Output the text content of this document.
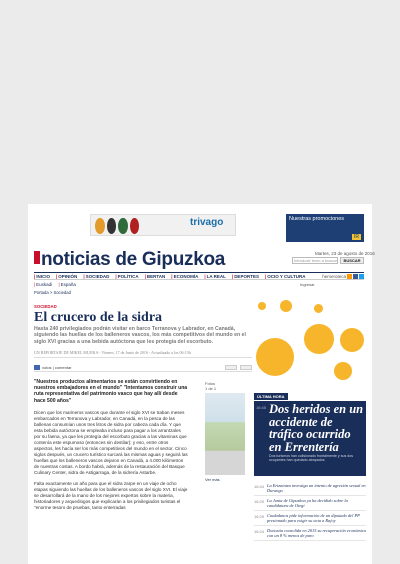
trivago	Nuestras promociones
IR
noticias de Gipuzkoa	Martes, 23 de agosto de 2016
Introduzir texto a buscar	BUSCAR
| INICIO	| OPINIÓN	| SOCIEDAD	| POLÍTICA	| BERTAN	| ECONOMÍA	| LA REAL	| DEPORTES	| OCIO Y CULTURA	hemeroteca
| Euskadi | España	Ingresar
Portada > Sociedad
SOCIEDAD
El crucero de la sidra
Hasta 240 privilegiados podrán visitar en barco Terranova y Labrador, en Canadá, siguiendo las huellas de los balleneros vascos, los más competitivos del mundo en el siglo XVI gracias a una bebida autóctona que les protegía del escorbuto.
UN REPORTAJE DE MIKEL MUJIKA - Viernes, 17 de Junio de 2016 - Actualizado a las 06:13h
votos | comentar
"Nuestros productos alimentarios se están convirtiendo en nuestros embajadores en el mundo" "Intentamos construir una ruta representativa del patrimonio vasco que hay allí desde hace 500 años"

Dicen que los marineros vascos que durante el siglo XVI se traban meses embarcados en Terranova y Labrador, en Canadá, en la pesca de las ballenas consumían unos tres litros de sidra por cabeza cada día. Y que esta bebida autóctona se empleaba incluso para pagar a los arrantzales por su faena, ya que les protegía del escorbuto gracias a las vitaminas que contenía este espumoso (entonces sin destilar); y eso, entre otros aspectos, les hacía ser los más competitivos del mundo en el sector. Cinco siglos después, un crucero turístico surcará las mismas aguas y seguirá las huellas que los balleneros vascos dejaron en Canadá, a 4.000 kilómetros de nuestras costas. A bordo habrá, además de la restauración del Basque Culinary Center, sidra de Astigarraga, de la sidrería Astarbe.

Falta exactamente un año para que el sidra zarpe en un viaje de ocho etapas siguiendo las huellas de los balleneros vascos del siglo XVI. El viaje se desarrollará de la mano de los mejores expertos sobre la materia, historiadores y arqueólogos que explicarán a los privilegiados turistas el "enorme tesoro de pruebas, tanto enterradas

Fotos
1 de 1
Ver más
ÚLTIMA HORA
16:45 Dos heridos en un accidente de tráfico ocurrido en Errentería
Dos turismos han colisionado frontalmente y sus dos ocupantes han quedado atrapados
16:44 La Ertzaintza investiga un intento de agresión sexual en Durango
16:29 La Junta de Gipuzkoa ya ha decidido sobre la candidatura de Otegi
16:29 Ciudadanos pide información de un diputado del PP presionado para exigir su acta a Rajoy
16:24 Donostia consolida en 2015 su recuperación económica con un 8 % menos de paro
